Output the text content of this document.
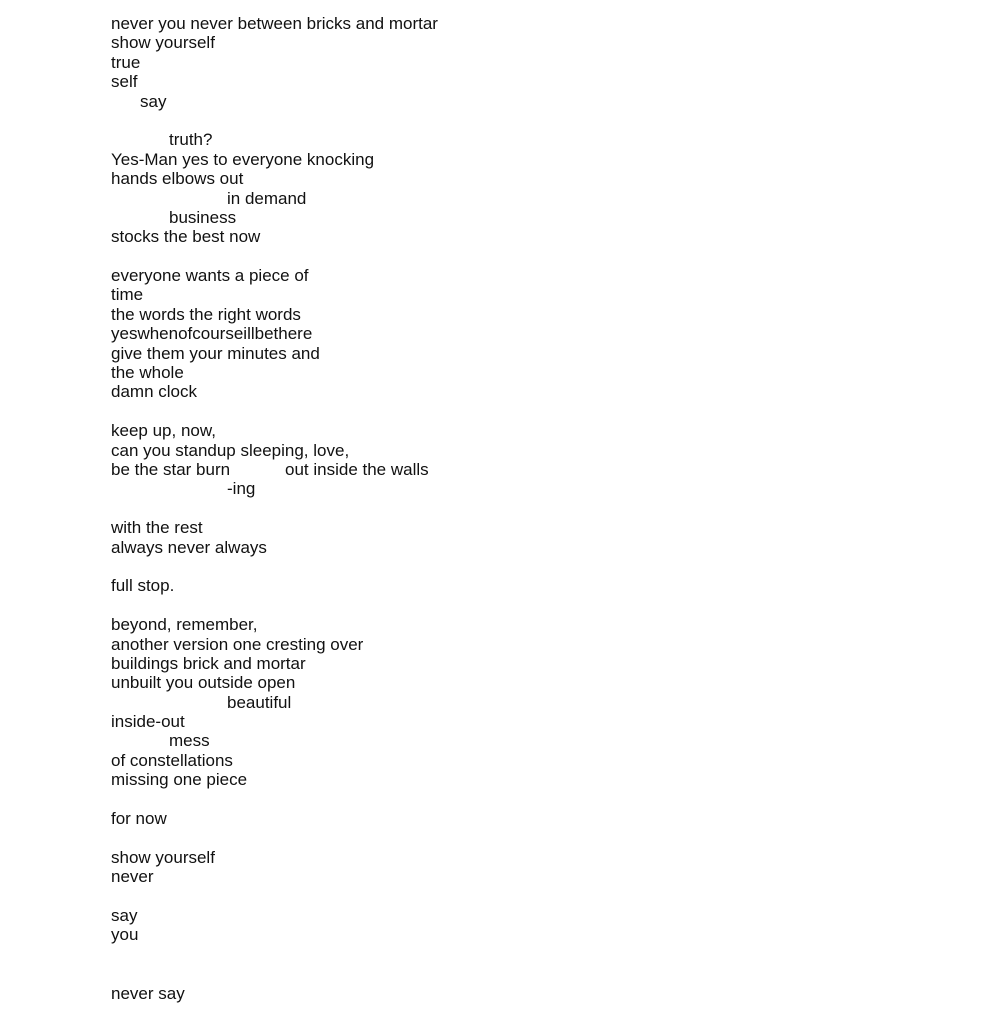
never you never between bricks and mortar
show yourself
true
self
say
truth?
Yes-Man yes to everyone knocking
hands elbows out
in demand
business
stocks the best now
everyone wants a piece of
time
the words the right words
yeswhenofcourseillbethere
give them your minutes and
the whole
damn clock
keep up, now,
can you standup sleeping, love,
be the star burn	out inside the walls
-ing
with the rest
always never always
full stop.
beyond, remember,
another version one cresting over
buildings brick and mortar
unbuilt you outside open
beautiful
inside-out
mess
of constellations
missing one piece
for now
show yourself
never
say
you
never say
